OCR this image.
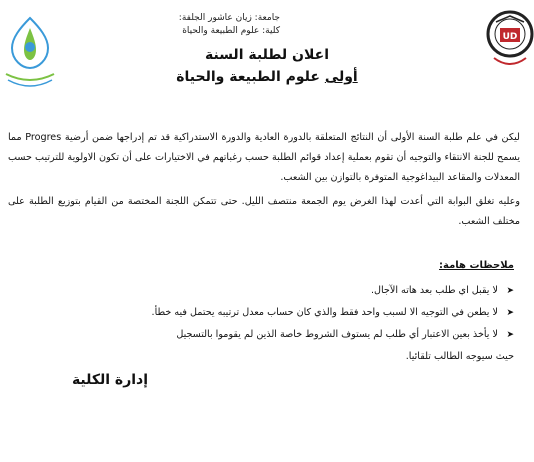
جامعة: زيان عاشور الجلفة:
كلية: علوم الطبيعة والحياة
UD
اعلان لطلبة السنة
أولى علوم الطبيعة والحياة

ليكن في علم طلبة السنة الأولى أن النتائج المتعلقة بالدورة العادية والدورة الاستدراكية قد تم إدراجها ضمن أرضية Progres مما يسمح للجنة الانتقاء والتوجيه أن تقوم بعملية إعداد قوائم الطلبة حسب رغباتهم في الاختيارات على أن تكون الاولوية للترتيب حسب المعدلات والمقاعد البيداغوجية المتوفرة بالتوازن بين الشعب.

وعليه تغلق البوابة التي أعدت لهذا الغرض يوم الجمعة منتصف الليل. حتى تتمكن اللجنة المختصة من القيام بتوزيع الطلبة على مختلف الشعب.

ملاحظات هامة:
➤
لا يقبل اي طلب بعد هاته الآجال.
➤
لا يطعن في التوجيه الا لسبب واحد فقط والذي كان حساب معدل ترتيبه يحتمل فيه خطأ.
➤
لا يأخذ بعين الاعتبار أي طلب لم يستوف الشروط خاصة الذين لم يقوموا بالتسجيل
حيث سيوجه الطالب تلقائيا.
إدارة الكلية
